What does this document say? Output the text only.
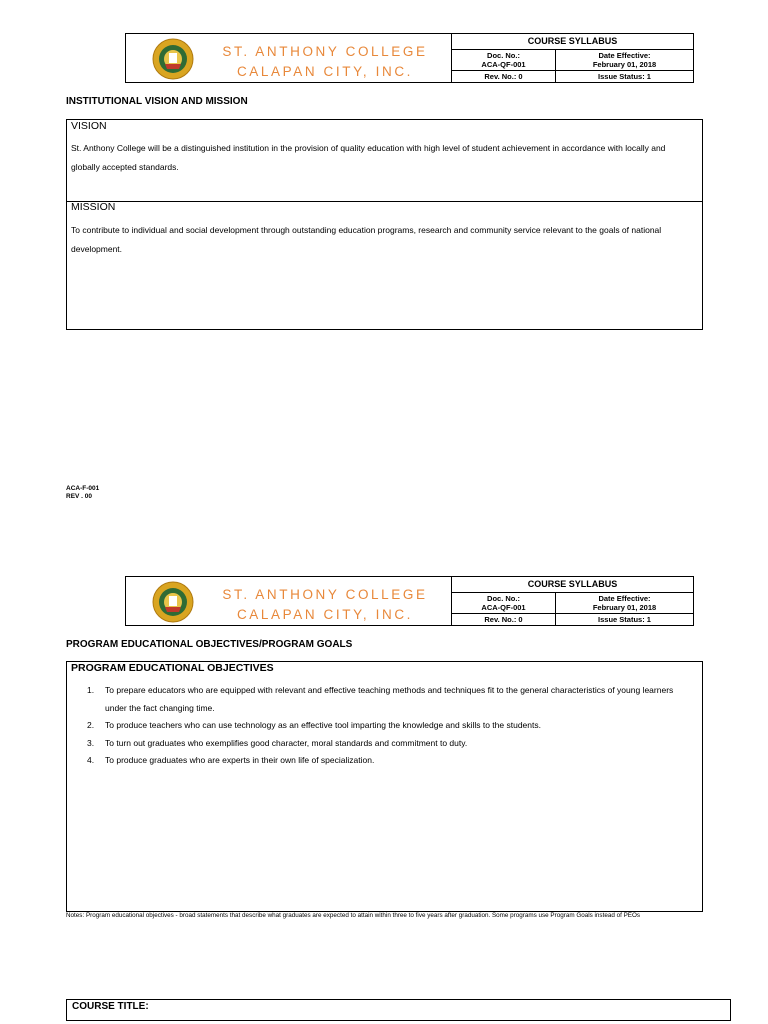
ST. ANTHONY COLLEGE
CALAPAN CITY, INC.
COURSE SYLLABUS
Doc. No.:
ACA-QF-001
Date Effective:
February 01, 2018
Rev. No.: 0	Issue Status: 1
INSTITUTIONAL VISION AND MISSION
VISION
St. Anthony College will be a distinguished institution in the provision of quality education with high level of student achievement in accordance with locally and globally accepted standards.
MISSION
To contribute to individual and social development through outstanding education programs, research and community service relevant to the goals of national development.
ACA-F-001
REV . 00
ST. ANTHONY COLLEGE
CALAPAN CITY, INC.
COURSE SYLLABUS
Doc. No.:
ACA-QF-001
Date Effective:
February 01, 2018
Rev. No.: 0	Issue Status: 1
PROGRAM EDUCATIONAL OBJECTIVES/PROGRAM GOALS
PROGRAM EDUCATIONAL OBJECTIVES
1. To prepare educators who are equipped with relevant and effective teaching methods and techniques fit to the general characteristics of young learners under the fact changing time.
2. To produce teachers who can use technology as an effective tool imparting the knowledge and skills to the students.
3. To turn out graduates who exemplifies good character, moral standards and commitment to duty.
4. To produce graduates who are experts in their own life of specialization.
Notes: Program educational objectives - broad statements that describe what graduates are expected to attain within three to five years after graduation. Some programs use Program Goals instead of PEOs
COURSE TITLE:
